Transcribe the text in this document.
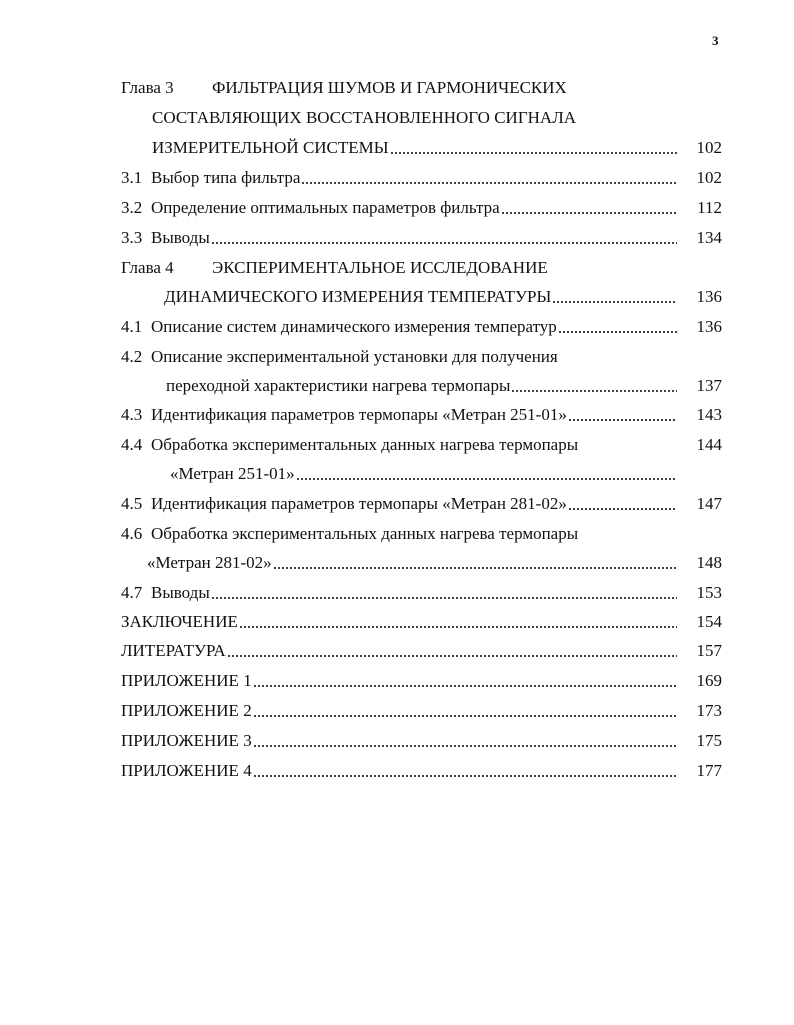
3
Глава 3 ФИЛЬТРАЦИЯ ШУМОВ И ГАРМОНИЧЕСКИХ
СОСТАВЛЯЮЩИХ ВОССТАНОВЛЕННОГО СИГНАЛА
ИЗМЕРИТЕЛЬНОЙ СИСТЕМЫ	102
3.1 Выбор типа фильтра	102
3.2 Определение оптимальных параметров фильтра	112
3.3 Выводы	134
Глава 4 ЭКСПЕРИМЕНТАЛЬНОЕ ИССЛЕДОВАНИЕ
ДИНАМИЧЕСКОГО ИЗМЕРЕНИЯ ТЕМПЕРАТУРЫ	136
4.1 Описание систем динамического измерения температур	136
4.2 Описание экспериментальной установки для получения
переходной характеристики нагрева термопары	137
4.3 Идентификация параметров термопары «Метран 251-01»	143
4.4 Обработка экспериментальных данных нагрева термопары	144
«Метран 251-01»
4.5 Идентификация параметров термопары «Метран 281-02»	147
4.6 Обработка экспериментальных данных нагрева термопары
«Метран 281-02»	148
4.7 Выводы	153
ЗАКЛЮЧЕНИЕ	154
ЛИТЕРАТУРА	157
ПРИЛОЖЕНИЕ 1	169
ПРИЛОЖЕНИЕ 2	173
ПРИЛОЖЕНИЕ 3	175
ПРИЛОЖЕНИЕ 4	177
